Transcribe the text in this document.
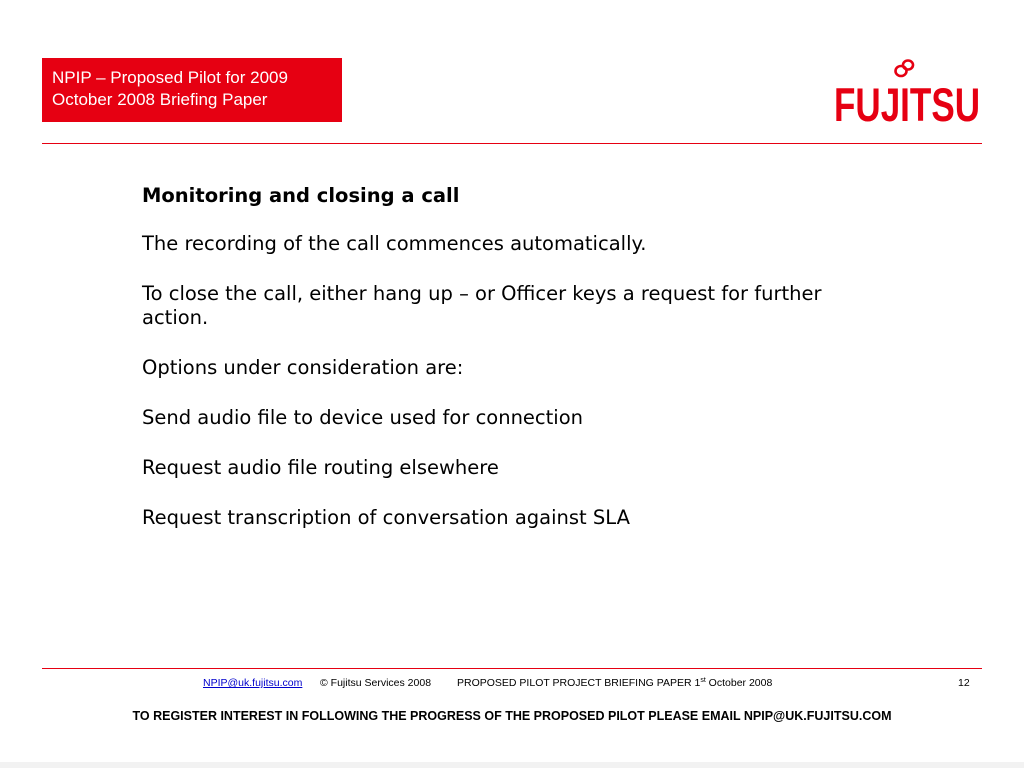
NPIP – Proposed Pilot for 2009
October 2008 Briefing Paper	FUJITSU

Monitoring and closing a call

The recording of the call commences automatically.

To close the call, either hang up – or Officer keys a request for further action.

Options under consideration are:

Send audio file to device used for connection

Request audio file routing elsewhere

Request transcription of conversation against SLA

NPIP@uk.fujitsu.com © Fujitsu Services 2008 PROPOSED PILOT PROJECT BRIEFING PAPER 1st October 2008	12
TO REGISTER INTEREST IN FOLLOWING THE PROGRESS OF THE PROPOSED PILOT PLEASE EMAIL NPIP@UK.FUJITSU.COM
